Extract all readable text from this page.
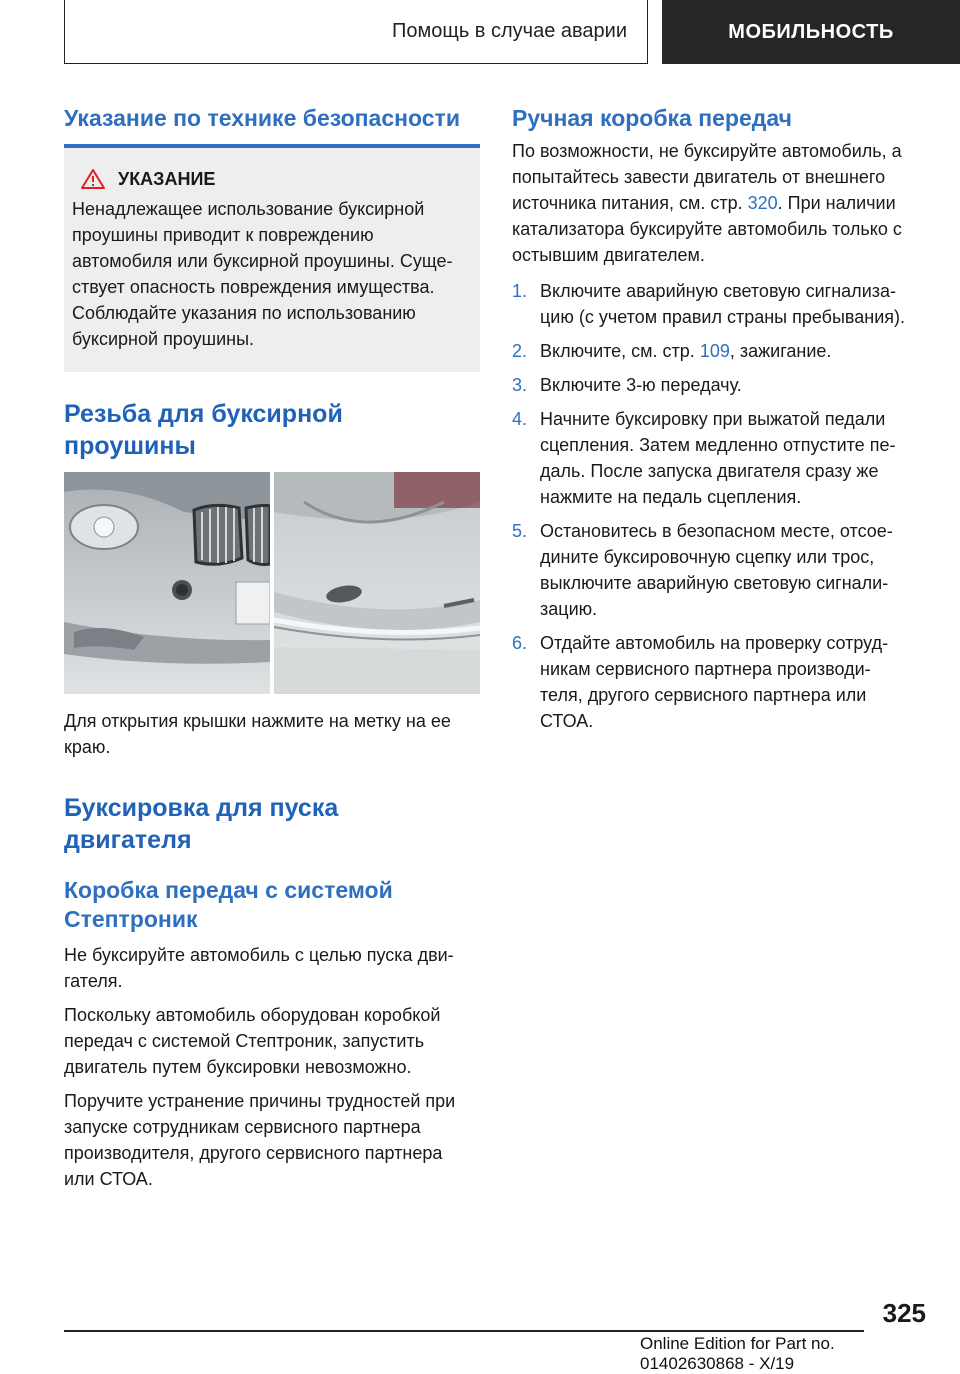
Помощь в случае аварии	МОБИЛЬНОСТЬ
Указание по технике безопасности
УКАЗАНИЕ

Ненадлежащее использование буксирной

проушины приводит к повреждению

автомобиля или буксирной проушины. Суще-

ствует опасность повреждения имущества.

Соблюдайте указания по использованию

буксирной проушины.

Резьба для буксирной

проушины

Для открытия крышки нажмите на метку на ее

краю.

Буксировка для пуска

двигателя

Коробка передач с системой

Стептроник

Не буксируйте автомобиль с целью пуска дви-

гателя.

Поскольку автомобиль оборудован коробкой

передач с системой Стептроник, запустить

двигатель путем буксировки невозможно.

Поручите устранение причины трудностей при

запуске сотрудникам сервисного партнера

производителя, другого сервисного партнера

или СТОА.

Ручная коробка передач

По возможности, не буксируйте автомобиль, а

попытайтесь завести двигатель от внешнего

источника питания, см. стр. 320. При наличии

катализатора буксируйте автомобиль только с

остывшим двигателем.

1. Включите аварийную световую сигнализа-
цию (с учетом правил страны пребывания).
2. Включите, см. стр. 109, зажигание.
3. Включите 3-ю передачу.
4. Начните буксировку при выжатой педали
сцепления. Затем медленно отпустите пе-
даль. После запуска двигателя сразу же
нажмите на педаль сцепления.
5. Остановитесь в безопасном месте, отсое-
дините буксировочную сцепку или трос,
выключите аварийную световую сигнали-
зацию.
6. Отдайте автомобиль на проверку сотруд-
никам сервисного партнера производи-
теля, другого сервисного партнера или
СТОА.
325
Online Edition for Part no. 01402630868 - X/19
